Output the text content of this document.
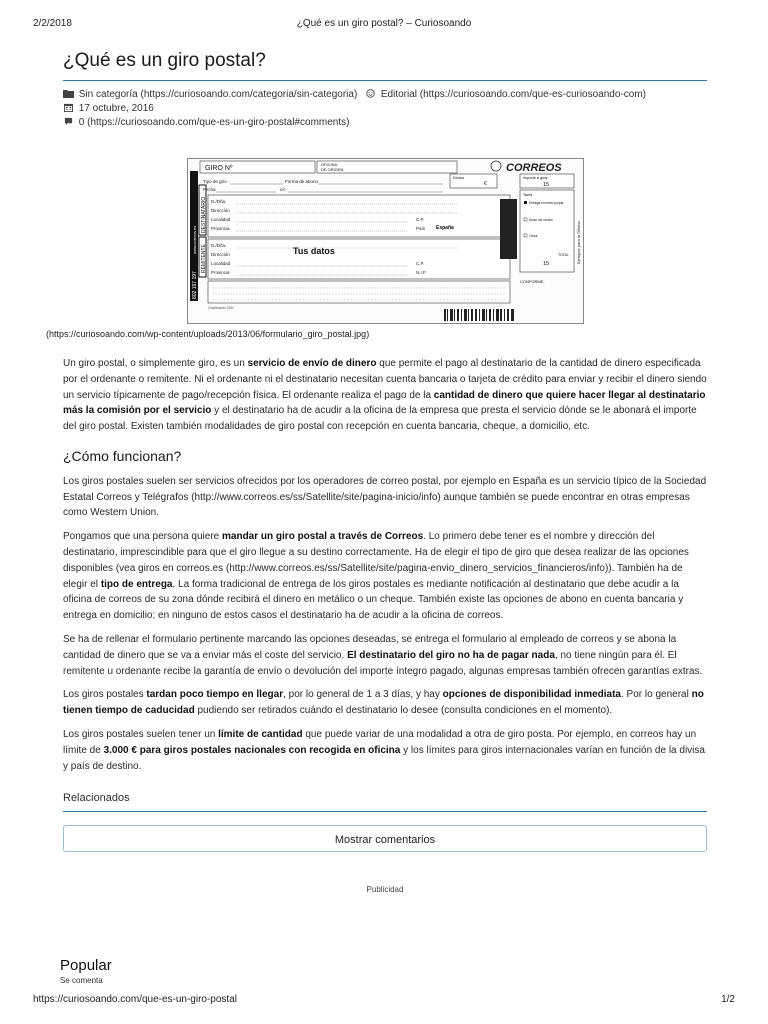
2/2/2018	¿Qué es un giro postal? – Curiosoando
¿Qué es un giro postal?
Sin categoría (https://curiosoando.com/categoria/sin-categoria) Editorial (https://curiosoando.com/que-es-curiosoando-com)  17 octubre, 2016
0 (https://curiosoando.com/que-es-un-giro-postal#comments)
802 197 197
www.correos.es
DESTINATARIO
REMITENTE
GIRO Nº
OFICINA
DE ORIGEN	CORREOS
Tipo de giro	Forma de abono
Fecha	c/c
Divisa
€
Importe a girar
15
D./Dña.
Dirección
Localidad	C.P.
Provincia	País España
D./Dña.
Dirección	Tus datos
Localidad	C.P.
Provincia	N.I.F.
Tarifa
Entrega en mano propia
Aviso de recibo
Otros
TOTAL
15	Ejemplar para la Oficina
CONFORME,
Clasificación 2002
(https://curiosoando.com/wp-content/uploads/2013/06/formulario_giro_postal.jpg)

Un giro postal, o simplemente giro, es un servicio de envío de dinero que permite el pago al destinatario de la cantidad de dinero especificada por el ordenante o remitente. Ni el ordenante ni el destinatario necesitan cuenta bancaria o tarjeta de crédito para enviar y recibir el dinero siendo un servicio típicamente de pago/recepción física. El ordenante realiza el pago de la cantidad de dinero que quiere hacer llegar al destinatario más la comisión por el servicio y el destinatario ha de acudir a la oficina de la empresa que presta el servicio dónde se le abonará el importe del giro postal. Existen también modalidades de giro postal con recepción en cuenta bancaria, cheque, a domicilio, etc.

¿Cómo funcionan?

Los giros postales suelen ser servicios ofrecidos por los operadores de correo postal, por ejemplo en España es un servicio típico de la Sociedad Estatal Correos y Telégrafos (http://www.correos.es/ss/Satellite/site/pagina-inicio/info) aunque también se puede encontrar en otras empresas como Western Union.

Pongamos que una persona quiere mandar un giro postal a través de Correos. Lo primero debe tener es el nombre y dirección del destinatario, imprescindible para que el giro llegue a su destino correctamente. Ha de elegir el tipo de giro que desea realizar de las opciones disponibles (vea giros en correos.es (http://www.correos.es/ss/Satellite/site/pagina-envio_dinero_servicios_financieros/info)). También ha de elegir el tipo de entrega. La forma tradicional de entrega de los giros postales es mediante notificación al destinatario que debe acudir a la oficina de correos de su zona dónde recibirá el dinero en metálico o un cheque. También existe las opciones de abono en cuenta bancaria y entrega en domicilio; en ninguno de estos casos el destinatario ha de acudir a la oficina de correos.

Se ha de rellenar el formulario pertinente marcando las opciones deseadas, se entrega el formulario al empleado de correos y se abona la cantidad de dinero que se va a enviar más el coste del servicio. El destinatario del giro no ha de pagar nada, no tiene ningún para él. El remitente u ordenante recibe la garantía de envío o devolución del importe íntegro pagado, algunas empresas también ofrecen garantías extras.

Los giros postales tardan poco tiempo en llegar, por lo general de 1 a 3 días, y hay opciones de disponibilidad inmediata. Por lo general no tienen tiempo de caducidad pudiendo ser retirados cuándo el destinatario lo desee (consulta condiciones en el momento).

Los giros postales suelen tener un límite de cantidad que puede variar de una modalidad a otra de giro posta. Por ejemplo, en correos hay un límite de 3.000 € para giros postales nacionales con recogida en oficina y los límites para giros internacionales varían en función de la divisa y país de destino.

Relacionados
Mostrar comentarios
Publicidad
Popular
Se comenta
https://curiosoando.com/que-es-un-giro-postal	1/2
